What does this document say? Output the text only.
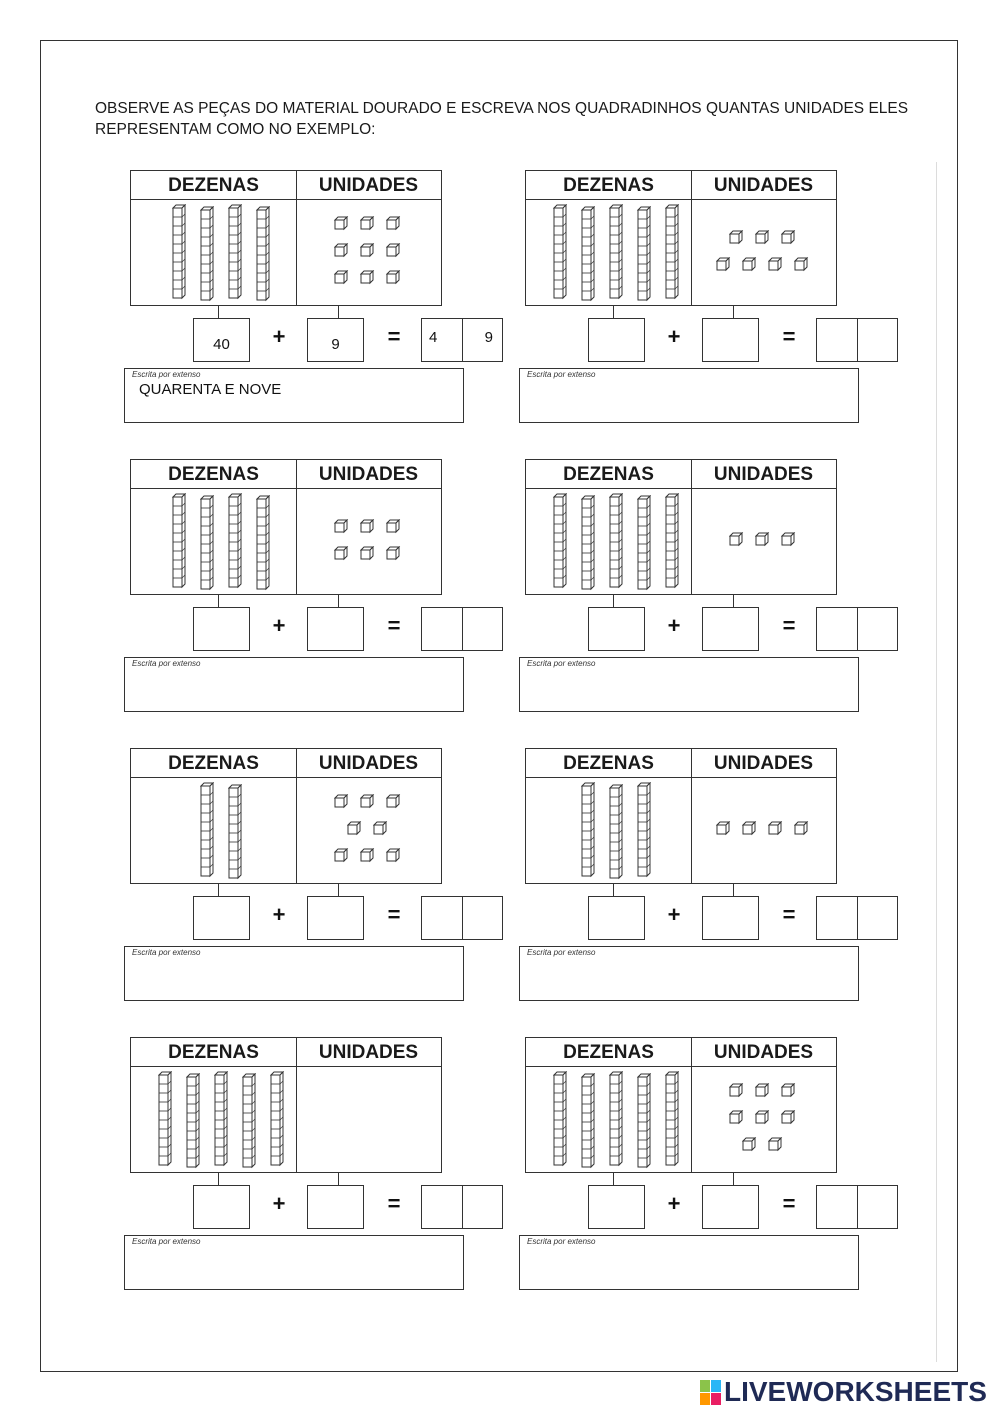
OBSERVE AS PEÇAS DO MATERIAL DOURADO E ESCREVA NOS QUADRADINHOS QUANTAS UNIDADES ELES REPRESENTAM COMO NO EXEMPLO:
DEZENAS	UNIDADES
40	+	9	=	4	9
Escrita por extenso
QUARENTA E NOVE
DEZENAS	UNIDADES
+	=
Escrita por extenso
DEZENAS	UNIDADES
+	=
Escrita por extenso
DEZENAS	UNIDADES
+	=
Escrita por extenso
DEZENAS	UNIDADES
+	=
Escrita por extenso
DEZENAS	UNIDADES
+	=
Escrita por extenso
DEZENAS	UNIDADES
+	=
Escrita por extenso
DEZENAS	UNIDADES
+	=
Escrita por extenso
LIVEWORKSHEETS
